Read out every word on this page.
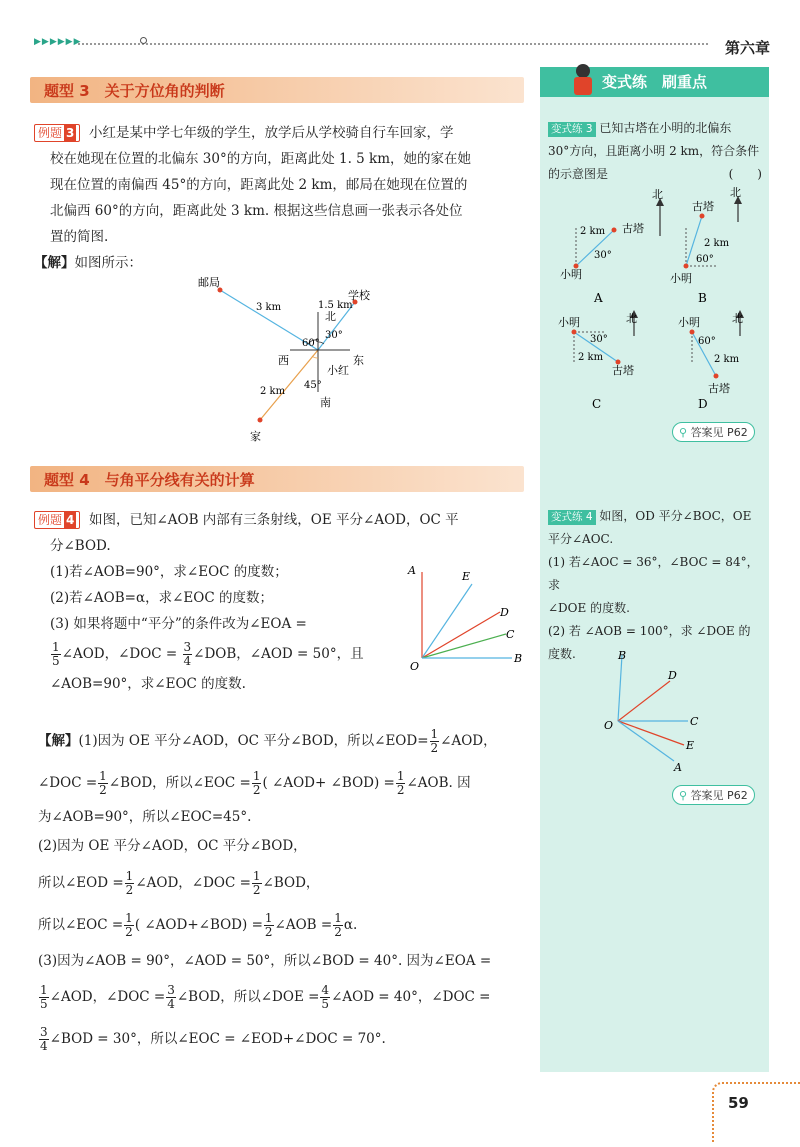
▶▶▶▶▶▶	第六章
题型 3　关于方位角的判断
例题 3 小红是某中学七年级的学生，放学后从学校骑自行车回家，学
校在她现在位置的北偏东 30°的方向，距离此处 1. 5 km，她的家在她
现在位置的南偏西 45°的方向，距离此处 2 km，邮局在她现在位置的
北偏西 60°的方向，距离此处 3 km. 根据这些信息画一张表示各处位
置的简图.
【解】如图所示：
邮局
学校
家
北
南
东
西
小红
3 km	1.5 km
2 km
60°
30°
45°
题型 4　与角平分线有关的计算
例题 4 如图，已知∠AOB 内部有三条射线，OE 平分∠AOD，OC 平
分∠BOD.
(1)若∠AOB=90°，求∠EOC 的度数；
(2)若∠AOB=α，求∠EOC 的度数；
(3) 如果将题中“平分”的条件改为∠EOA =
$\frac{1}{5}$ ∠AOD，∠DOC = $\frac{3}{4}$ ∠DOB，∠AOD = 50°，且
∠AOB=90°，求∠EOC 的度数.
A	E
D
C
B
O
【解】(1)因为 OE 平分∠AOD，OC 平分∠BOD，所以∠EOD= $\frac{1}{2}$ ∠AOD，
∠DOC = $\frac{1}{2}$ ∠BOD，所以∠EOC = $\frac{1}{2}$ ( ∠AOD+ ∠BOD) = $\frac{1}{2}$ ∠AOB. 因
为∠AOB=90°，所以∠EOC=45°.
(2)因为 OE 平分∠AOD，OC 平分∠BOD，
所以∠EOD = $\frac{1}{2}$ ∠AOD，∠DOC = $\frac{1}{2}$ ∠BOD，
所以∠EOC = $\frac{1}{2}$ ( ∠AOD+∠BOD) = $\frac{1}{2}$ ∠AOB = $\frac{1}{2} \alpha$.
(3)因为∠AOB = 90°，∠AOD = 50°，所以∠BOD = 40°. 因为∠EOA =
$\frac{1}{5}$ ∠AOD，∠DOC = $\frac{3}{4}$ ∠BOD，所以∠DOE = $\frac{4}{5}$ ∠AOD = 40°，∠DOC =
$\frac{3}{4}$ ∠BOD = 30°，所以∠EOC = ∠EOD+∠DOC = 70°.
变式练　刷重点
变式练 3 已知古塔在小明的北偏东
30°方向，且距离小明 2 km，符合条件
的示意图是	(　　)
北
古塔
小明
2 km
30°
A
北
古塔
小明
2 km
60°
B
北
古塔
小明
2 km
30°
C
北
古塔
小明
2 km
60°
D
⚲ 答案见 P62
变式练 4 如图，OD 平分∠BOC，OE
平分∠AOC.
(1) 若∠AOC = 36°，∠BOC = 84°，求
∠DOE 的度数.
(2) 若 ∠AOB = 100°，求 ∠DOE 的
度数.	B
D
C
E
A
O
⚲ 答案见 P62
59
